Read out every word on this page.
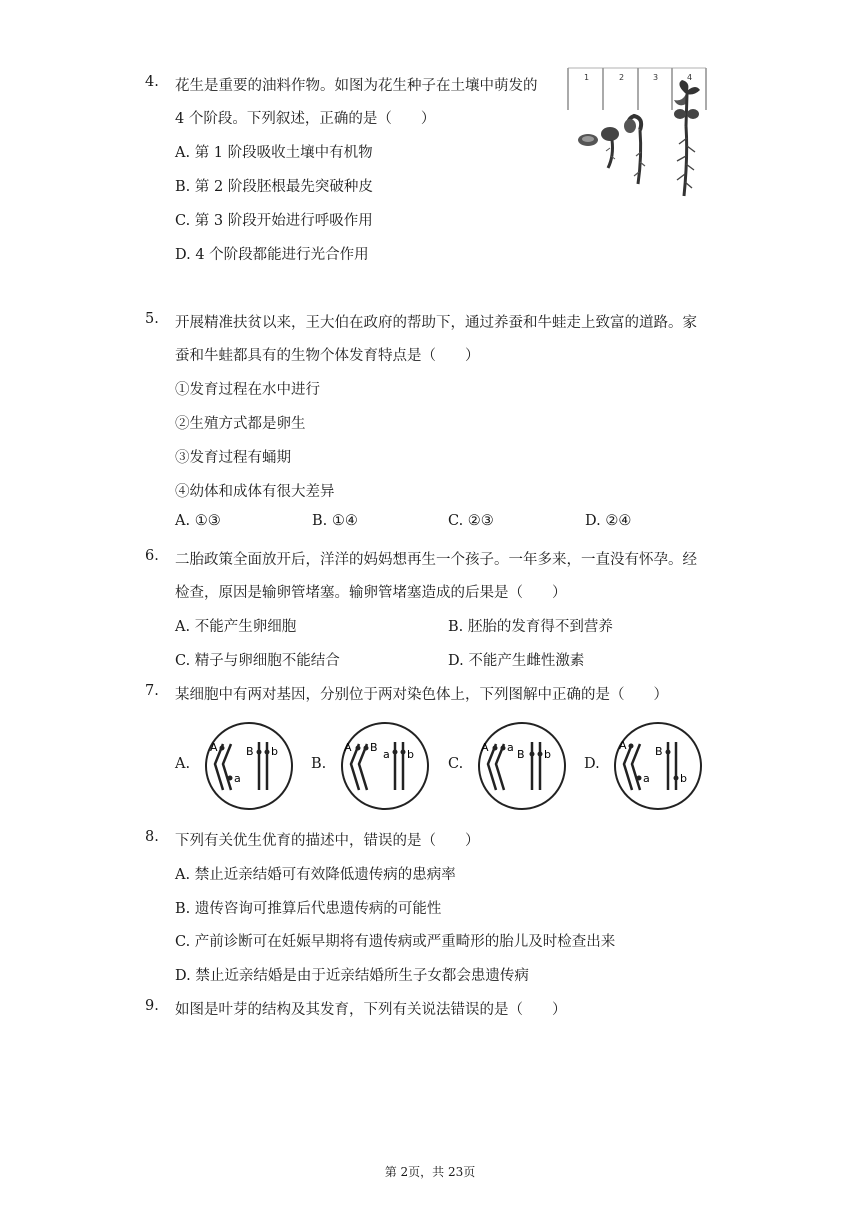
4. 花生是重要的油料作物。如图为花生种子在土壤中萌发的
4 个阶段。下列叙述，正确的是（　　）
A. 第 1 阶段吸收土壤中有机物
B. 第 2 阶段胚根最先突破种皮
C. 第 3 阶段开始进行呼吸作用
D. 4 个阶段都能进行光合作用
1	2	3	4
5. 开展精准扶贫以来，王大伯在政府的帮助下，通过养蚕和牛蛙走上致富的道路。家
蚕和牛蛙都具有的生物个体发育特点是（　　）
①发育过程在水中进行
②生殖方式都是卵生
③发育过程有蛹期
④幼体和成体有很大差异
A. ①③	B. ①④	C. ②③	D. ②④
6. 二胎政策全面放开后，洋洋的妈妈想再生一个孩子。一年多来，一直没有怀孕。经
检查，原因是输卵管堵塞。输卵管堵塞造成的后果是（　　）
A. 不能产生卵细胞	B. 胚胎的发育得不到营养
C. 精子与卵细胞不能结合	D. 不能产生雌性激素
7. 某细胞中有两对基因，分别位于两对染色体上，下列图解中正确的是（　　）
A.	B.	C.	D.
A
a
B b	A B
a b
A a
B b
A
a
B
b
8. 下列有关优生优育的描述中，错误的是（　　）
A. 禁止近亲结婚可有效降低遗传病的患病率
B. 遗传咨询可推算后代患遗传病的可能性
C. 产前诊断可在妊娠早期将有遗传病或严重畸形的胎儿及时检查出来
D. 禁止近亲结婚是由于近亲结婚所生子女都会患遗传病
9. 如图是叶芽的结构及其发育，下列有关说法错误的是（　　）
第 2页，共 23页
